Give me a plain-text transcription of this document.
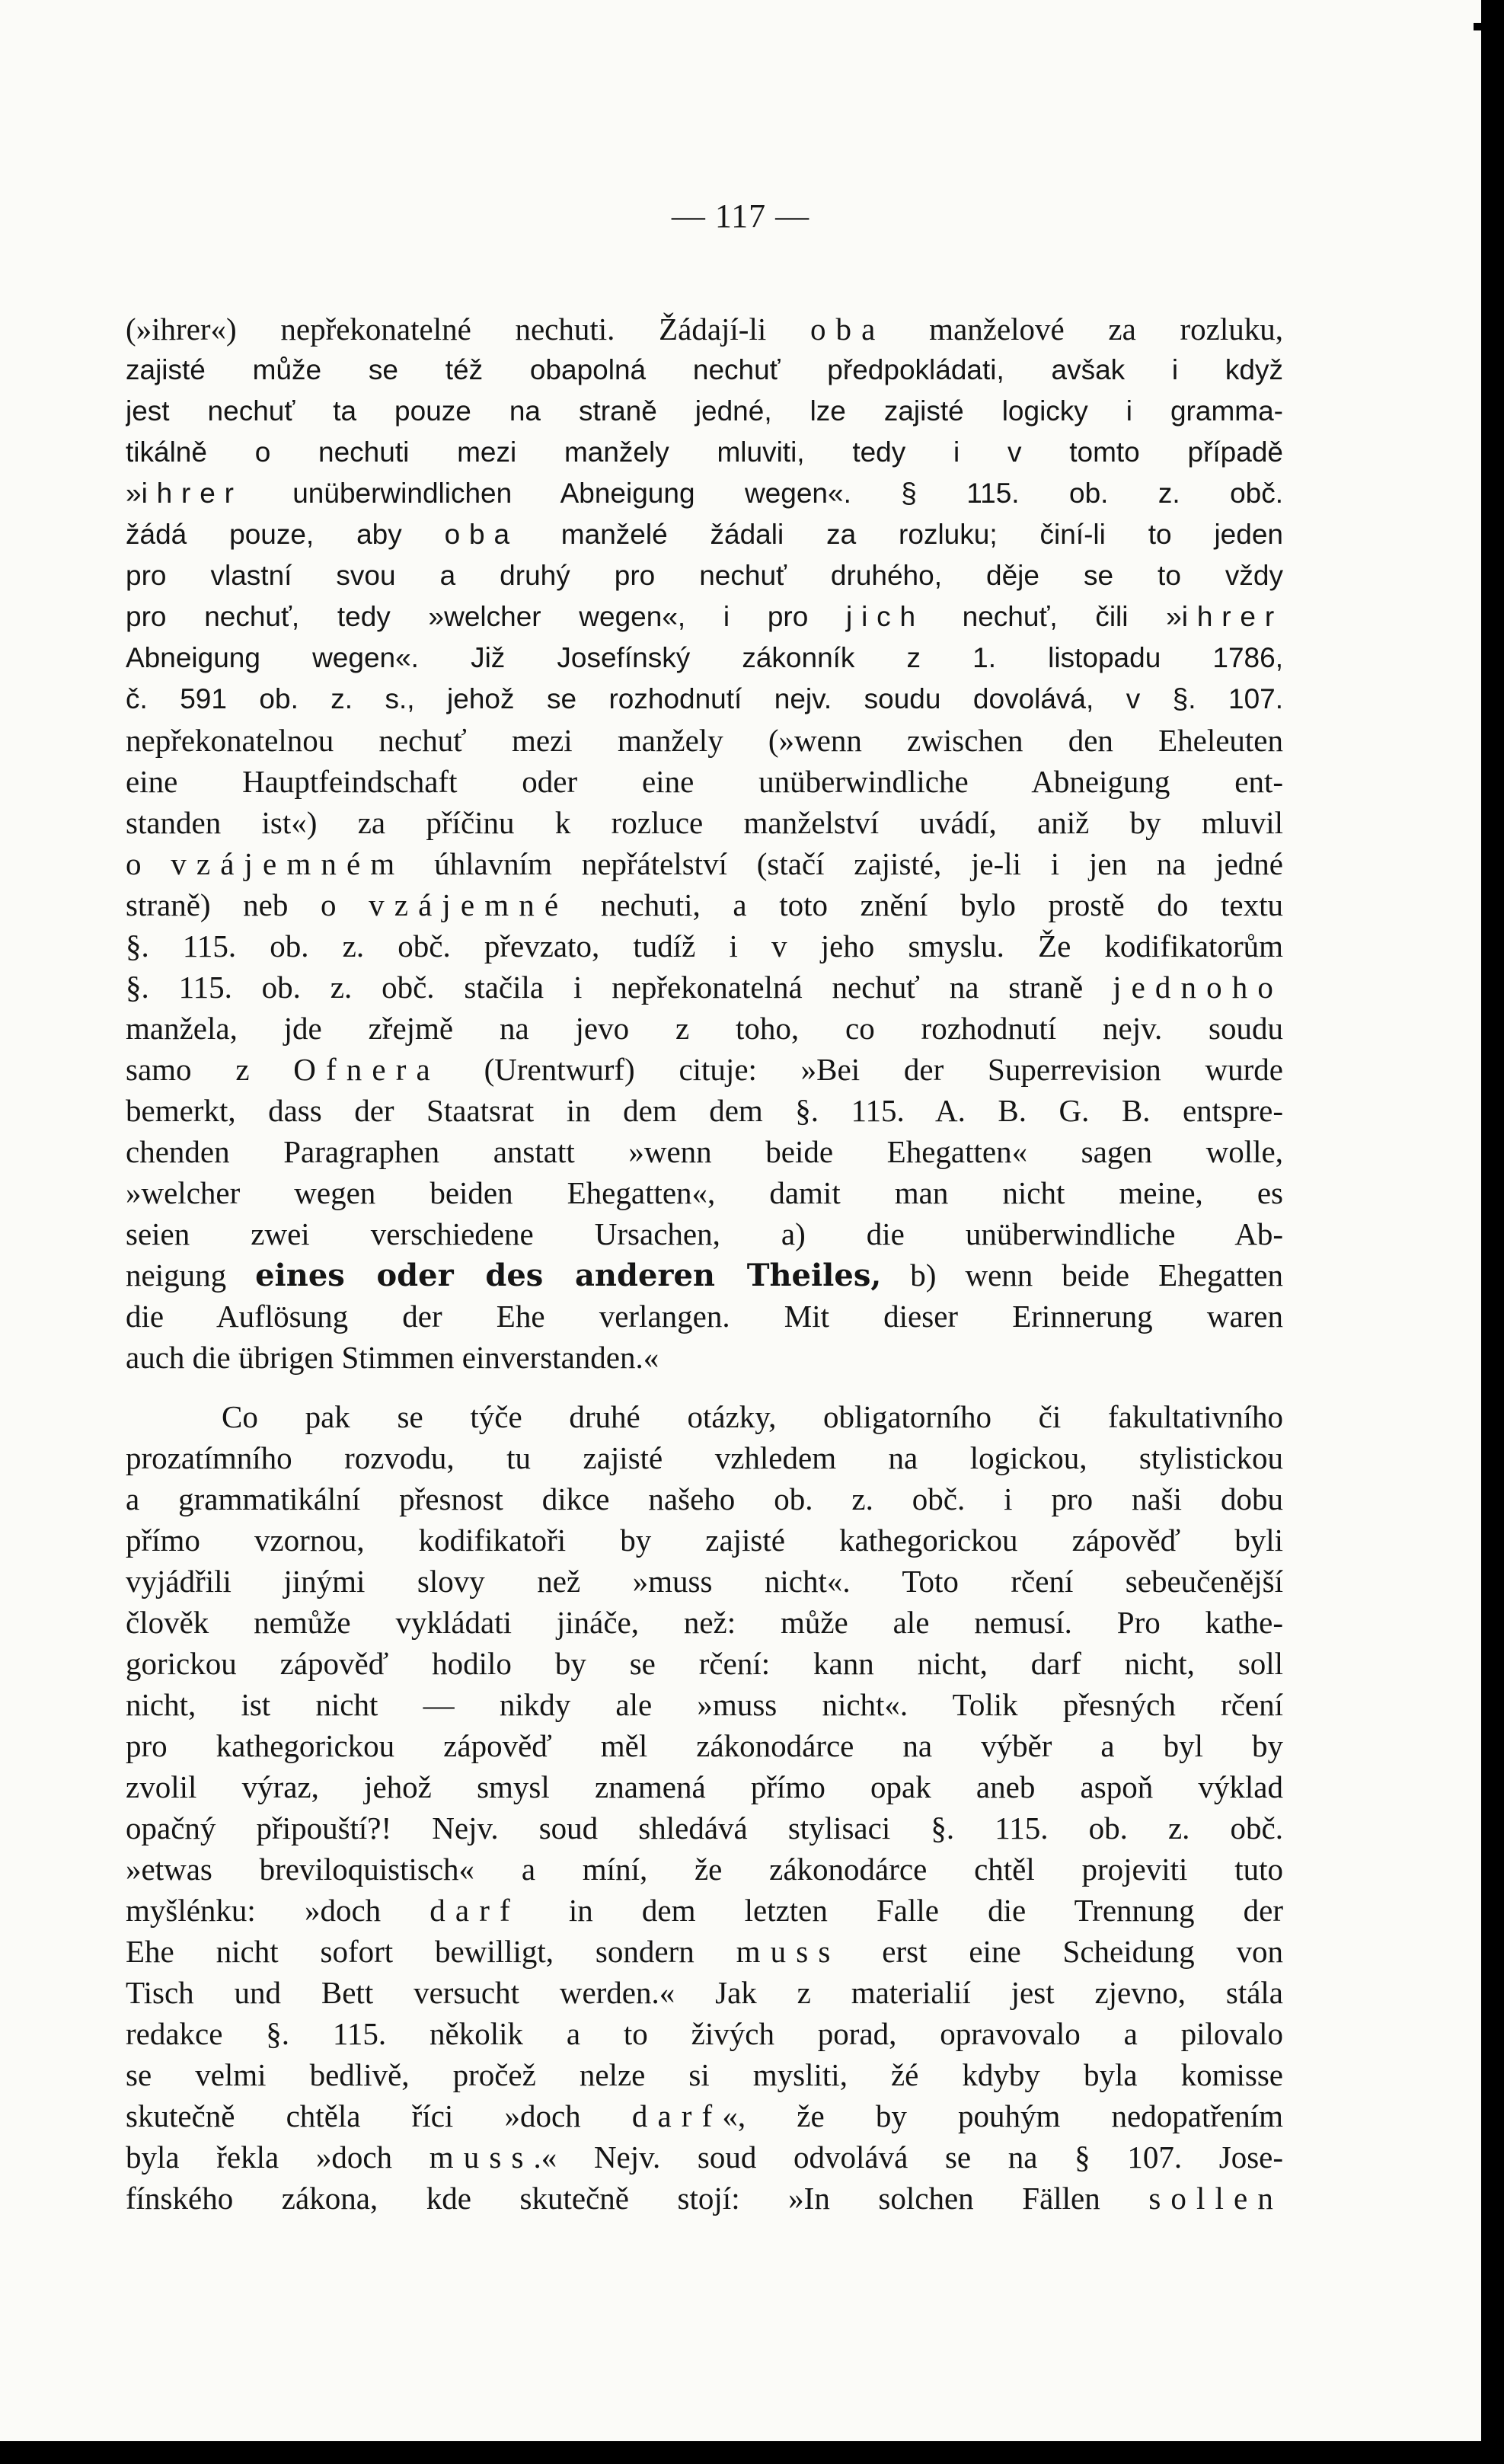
— 117 —
(»ihrer«) nepřekonatelné nechuti. Žádají-li oba manželové za rozluku,
zajisté může se též obapolná nechuť předpokládati, avšak i když
jest nechuť ta pouze na straně jedné, lze zajisté logicky i gramma-
tikálně o nechuti mezi manžely mluviti, tedy i v tomto případě
»ihrer unüberwindlichen Abneigung wegen«. § 115. ob. z. obč.
žádá pouze, aby oba manželé žádali za rozluku; činí-li to jeden
pro vlastní svou a druhý pro nechuť druhého, děje se to vždy
pro nechuť, tedy »welcher wegen«, i pro jich nechuť, čili »ihrer
Abneigung wegen«. Již Josefínský zákonník z 1. listopadu 1786,
č. 591 ob. z. s., jehož se rozhodnutí nejv. soudu dovolává, v §. 107.
nepřekonatelnou nechuť mezi manžely (»wenn zwischen den Eheleuten
eine Hauptfeindschaft oder eine unüberwindliche Abneigung ent-
standen ist«) za příčinu k rozluce manželství uvádí, aniž by mluvil
o vzájemném úhlavním nepřátelství (stačí zajisté, je-li i jen na jedné
straně) neb o vzájemné nechuti, a toto znění bylo prostě do textu
§. 115. ob. z. obč. převzato, tudíž i v jeho smyslu. Že kodifikatorům
§. 115. ob. z. obč. stačila i nepřekonatelná nechuť na straně jednoho
manžela, jde zřejmě na jevo z toho, co rozhodnutí nejv. soudu
samo z Ofnera (Urentwurf) cituje: »Bei der Superrevision wurde
bemerkt, dass der Staatsrat in dem dem §. 115. A. B. G. B. entspre-
chenden Paragraphen anstatt »wenn beide Ehegatten« sagen wolle,
»welcher wegen beiden Ehegatten«, damit man nicht meine, es
seien zwei verschiedene Ursachen, a) die unüberwindliche Ab-
neigung eines oder des anderen Theiles, b) wenn beide Ehegatten
die Auflösung der Ehe verlangen. Mit dieser Erinnerung waren
auch die übrigen Stimmen einverstanden.«
Co pak se týče druhé otázky, obligatorního či fakultativního
prozatímního rozvodu, tu zajisté vzhledem na logickou, stylistickou
a grammatikální přesnost dikce našeho ob. z. obč. i pro naši dobu
přímo vzornou, kodifikatoři by zajisté kathegorickou zápověď byli
vyjádřili jinými slovy než »muss nicht«. Toto rčení sebeučenější
člověk nemůže vykládati jináče, než: může ale nemusí. Pro kathe-
gorickou zápověď hodilo by se rčení: kann nicht, darf nicht, soll
nicht, ist nicht — nikdy ale »muss nicht«. Tolik přesných rčení
pro kathegorickou zápověď měl zákonodárce na výběr a byl by
zvolil výraz, jehož smysl znamená přímo opak aneb aspoň výklad
opačný připouští?! Nejv. soud shledává stylisaci §. 115. ob. z. obč.
»etwas breviloquistisch« a míní, že zákonodárce chtěl projeviti tuto
myšlénku: »doch darf in dem letzten Falle die Trennung der
Ehe nicht sofort bewilligt, sondern muss erst eine Scheidung von
Tisch und Bett versucht werden.« Jak z materialií jest zjevno, stála
redakce §. 115. několik a to živých porad, opravovalo a pilovalo
se velmi bedlivě, pročež nelze si mysliti, žé kdyby byla komisse
skutečně chtěla říci »doch darf«, že by pouhým nedopatřením
byla řekla »doch muss.« Nejv. soud odvolává se na § 107. Jose-
fínského zákona, kde skutečně stojí: »In solchen Fällen sollen
